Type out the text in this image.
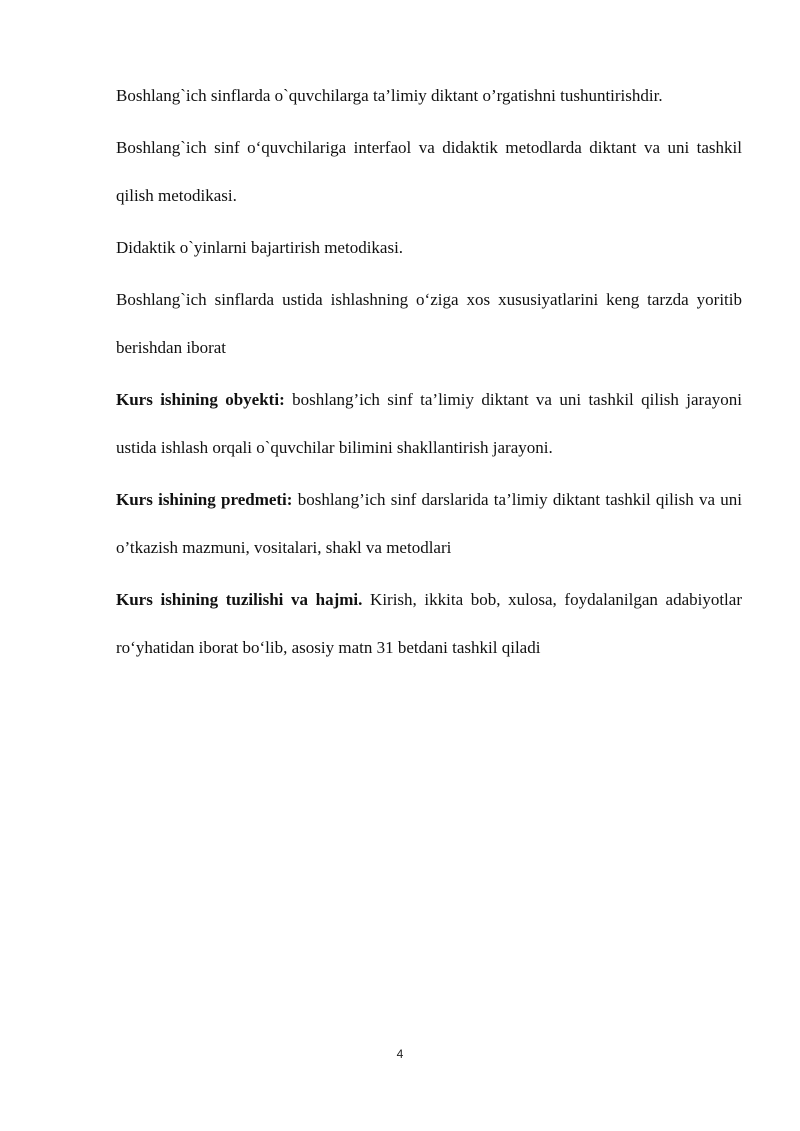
Boshlang`ich sinflarda o`quvchilarga ta’limiy diktant o’rgatishni tushuntirishdir.

Boshlang`ich sinf o‘quvchilariga interfaol va didaktik metodlarda diktant va uni tashkil qilish metodikasi.

Didaktik o`yinlarni bajartirish metodikasi.

Boshlang`ich sinflarda ustida ishlashning o‘ziga xos xususiyatlarini keng tarzda yoritib berishdan iborat

Kurs ishining obyekti: boshlang’ich sinf ta’limiy diktant va uni tashkil qilish jarayoni ustida ishlash orqali o`quvchilar bilimini shakllantirish jarayoni.

Kurs ishining predmeti: boshlang’ich sinf darslarida ta’limiy diktant tashkil qilish va uni o’tkazish mazmuni, vositalari, shakl va metodlari

Kurs ishining tuzilishi va hajmi. Kirish, ikkita bob, xulosa, foydalanilgan adabiyotlar ro‘yhatidan iborat bo‘lib, asosiy matn 31 betdani tashkil qiladi

4
